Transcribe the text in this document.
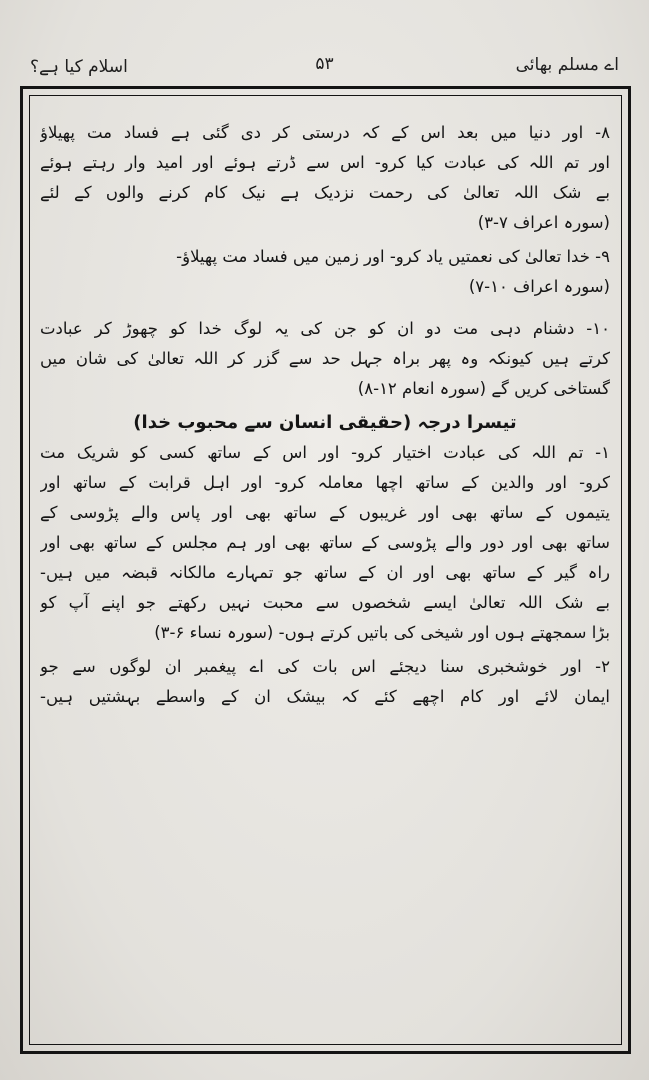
اے مسلم بھائی
۵۳
اسلام کیا ہے؟
۸- اور دنیا میں بعد اس کے کہ درستی کر دی گئی ہے فساد مت پھیلاؤ
اور تم اللہ کی عبادت کیا کرو- اس سے ڈرتے ہوئے اور امید وار رہتے ہوئے
بے شک اللہ تعالیٰ کی رحمت نزدیک ہے نیک کام کرنے والوں کے لئے
(سورہ اعراف ۷-۳)
۹- خدا تعالیٰ کی نعمتیں یاد کرو- اور زمین میں فساد مت پھیلاؤ-
(سورہ اعراف ۱۰-۷)
۱۰- دشنام دہی مت دو ان کو جن کی یہ لوگ خدا کو چھوڑ کر عبادت
کرتے ہیں کیونکہ وہ پھر براہ جہل حد سے گزر کر اللہ تعالیٰ کی شان میں
گستاخی کریں گے (سورہ انعام ۱۲-۸)
تیسرا درجہ (حقیقی انسان سے محبوب خدا)
۱- تم اللہ کی عبادت اختیار کرو- اور اس کے ساتھ کسی کو شریک مت
کرو- اور والدین کے ساتھ اچھا معاملہ کرو- اور اہل قرابت کے ساتھ اور
یتیموں کے ساتھ بھی اور غریبوں کے ساتھ بھی اور پاس والے پڑوسی کے
ساتھ بھی اور دور والے پڑوسی کے ساتھ بھی اور ہم مجلس کے ساتھ بھی اور
راہ گیر کے ساتھ بھی اور ان کے ساتھ جو تمہارے مالکانہ قبضہ میں ہیں-
بے شک اللہ تعالیٰ ایسے شخصوں سے محبت نہیں رکھتے جو اپنے آپ کو
بڑا سمجھتے ہوں اور شیخی کی باتیں کرتے ہوں- (سورہ نساء ۶-۳)
۲- اور خوشخبری سنا دیجئے اس بات کی اے پیغمبر ان لوگوں سے جو
ایمان لائے اور کام اچھے کئے کہ بیشک ان کے واسطے بہشتیں ہیں-
